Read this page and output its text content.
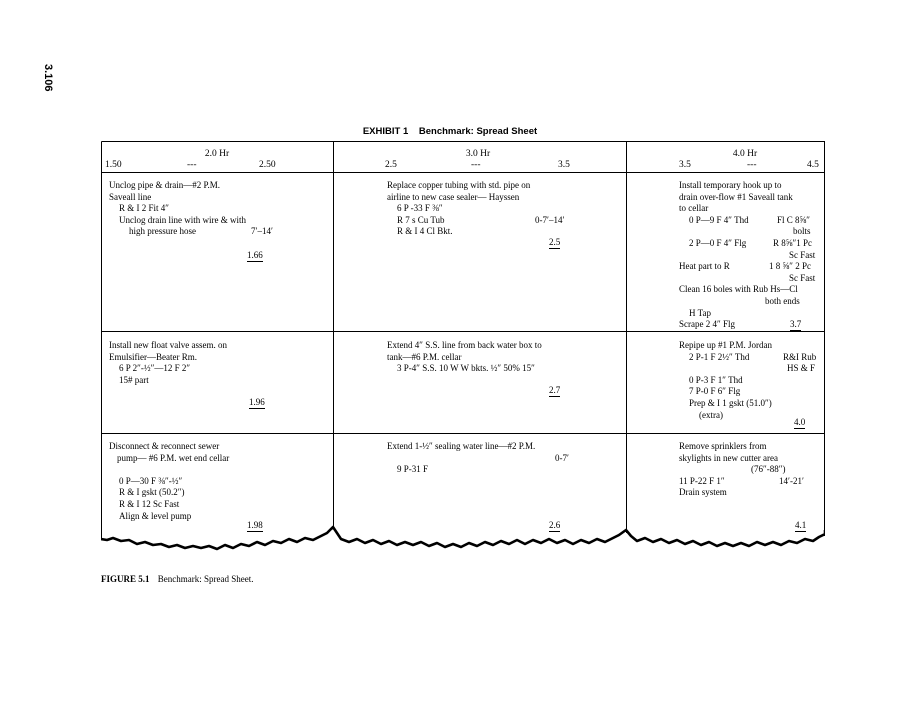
3.106
EXHIBIT 1 Benchmark: Spread Sheet
2.0 Hr
1.50	---	2.50
3.0 Hr
2.5	---	3.5
4.0 Hr
3.5	---	4.5
Unclog pipe & drain—#2 P.M.
Saveall line
R & I 2 Fit 4″
Unclog drain line with wire & with
high pressure hose	7′–14′
1.66
Replace copper tubing with std. pipe on
airline to new case sealer— Hayssen
6 P -33 F ⅜″
R 7 s Cu Tub	0-7′–14′
R & I 4 Cl Bkt.
2.5
Install temporary hook up to
drain over-flow #1 Saveall tank
to cellar
0 P—9 F 4″ Thd	Fl C 8⅝″
bolts
2 P—0 F 4″ Flg	R 8⅝″1 Pc
Sc Fast
Heat part to R	1 8 ⅝″ 2 Pc
Sc Fast
Clean 16 boles with Rub Hs—Cl
both ends
H Tap
Scrape 2 4″ Flg	3.7
Install new float valve assem. on
Emulsifier—Beater Rm.
6 P 2″-½″—12 F 2″
15# part
1.96
Extend 4″ S.S. line from back water box to
tank—#6 P.M. cellar
3 P-4″ S.S. 10 W W bkts. ½″ 50% 15″
2.7
Repipe up #1 P.M. Jordan
2 P-1 F 2½″ Thd	R&I Rub
HS & F
0 P-3 F 1″ Thd
7 P-0 F 6″ Flg
Prep & I 1 gskt (51.0″)
(extra)
4.0
Disconnect & reconnect sewer
pump— #6 P.M. wet end cellar
0 P—30 F ⅜″-½″
R & I gskt (50.2″)
R & I 12 Sc Fast
Align & level pump
1.98
Extend 1-½″ sealing water line—#2 P.M.
0-7′
9 P-31 F
2.6
Remove sprinklers from
skylights in new cutter area
(76″-88″)
11 P-22 F 1″	14′-21′
Drain system
4.1
FIGURE 5.1 Benchmark: Spread Sheet.
